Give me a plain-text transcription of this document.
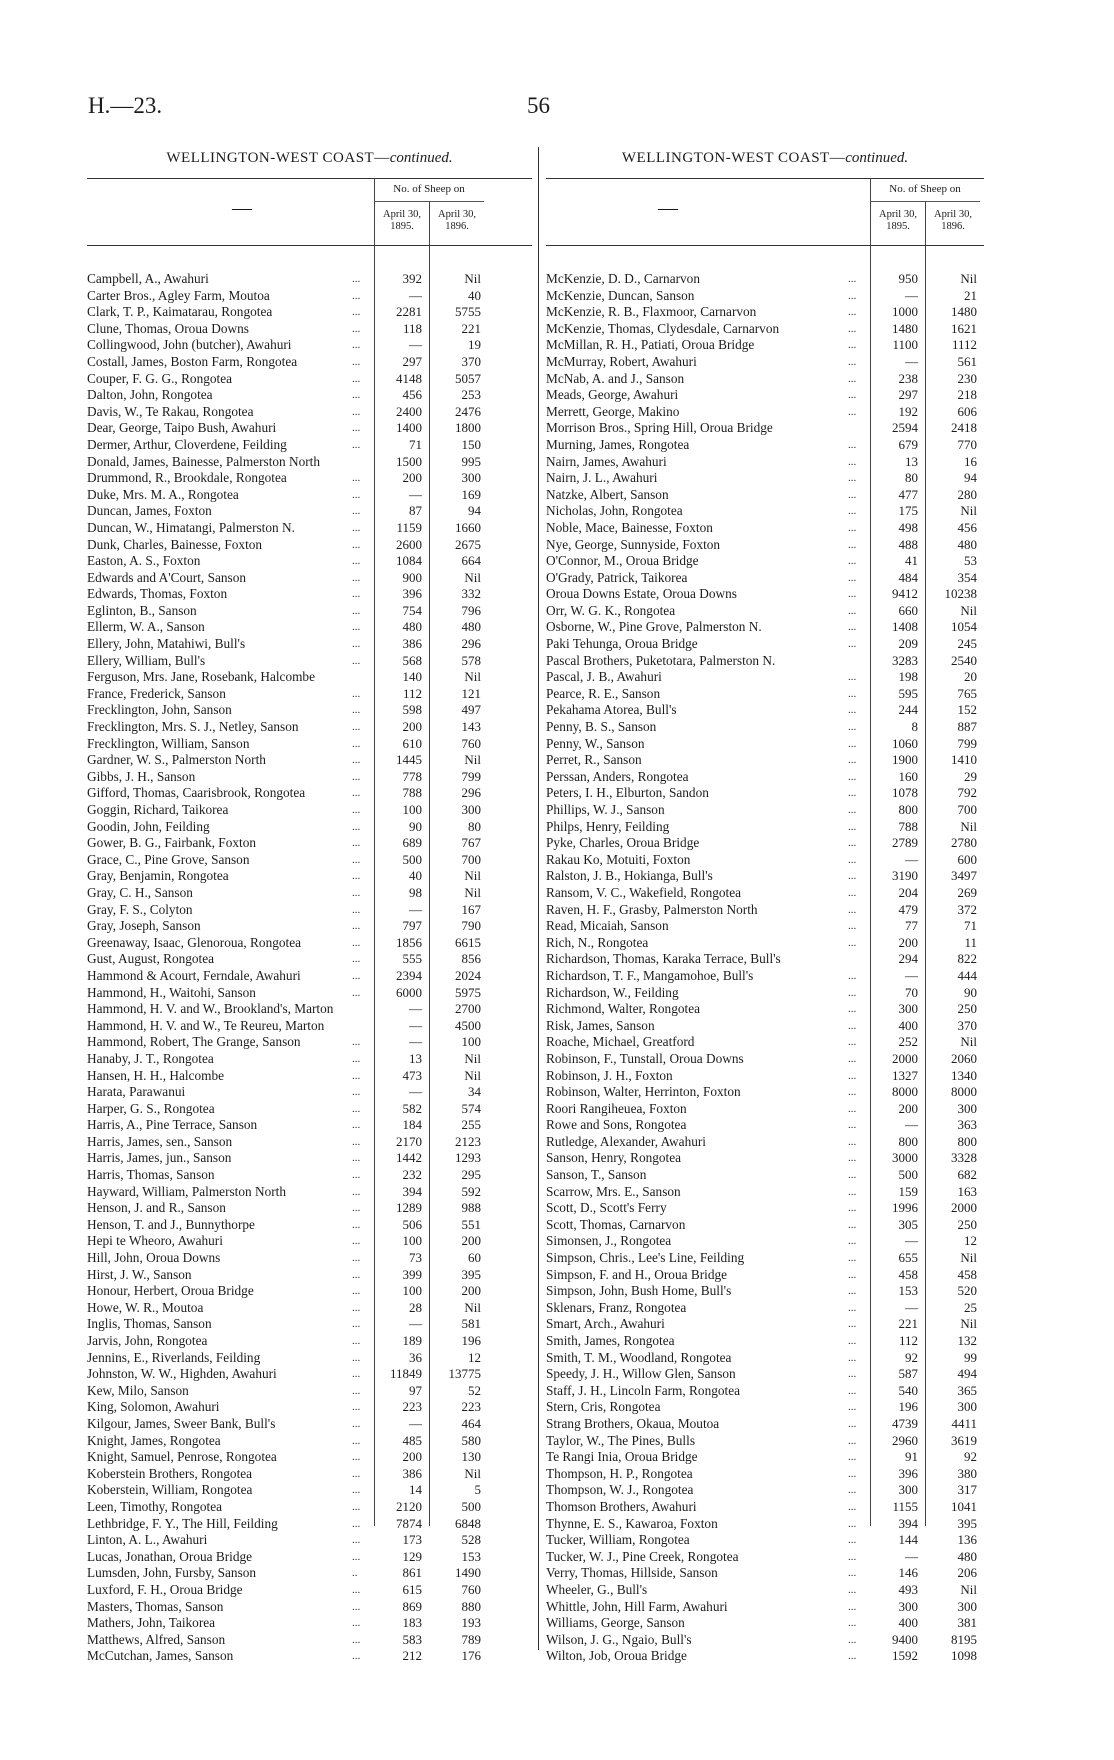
H.—23.	56
WELLINGTON-WEST COAST—continued.
—
No. of Sheep on
April 30, 1895.
April 30, 1896.
Campbell, A., Awahuri	...	392	Nil
Carter Bros., Agley Farm, Moutoa	...	—	40
Clark, T. P., Kaimatarau, Rongotea	...	2281	5755
Clune, Thomas, Oroua Downs	...	118	221
Collingwood, John (butcher), Awahuri	...	—	19
Costall, James, Boston Farm, Rongotea	...	297	370
Couper, F. G. G., Rongotea	...	4148	5057
Dalton, John, Rongotea	...	456	253
Davis, W., Te Rakau, Rongotea	...	2400	2476
Dear, George, Taipo Bush, Awahuri	...	1400	1800
Dermer, Arthur, Cloverdene, Feilding	...	71	150
Donald, James, Bainesse, Palmerston North	1500	995
Drummond, R., Brookdale, Rongotea	...	200	300
Duke, Mrs. M. A., Rongotea	...	—	169
Duncan, James, Foxton	...	87	94
Duncan, W., Himatangi, Palmerston N.	...	1159	1660
Dunk, Charles, Bainesse, Foxton	...	2600	2675
Easton, A. S., Foxton	...	1084	664
Edwards and A'Court, Sanson	...	900	Nil
Edwards, Thomas, Foxton	...	396	332
Eglinton, B., Sanson	...	754	796
Ellerm, W. A., Sanson	...	480	480
Ellery, John, Matahiwi, Bull's	...	386	296
Ellery, William, Bull's	...	568	578
Ferguson, Mrs. Jane, Rosebank, Halcombe	140	Nil
France, Frederick, Sanson	...	112	121
Frecklington, John, Sanson	...	598	497
Frecklington, Mrs. S. J., Netley, Sanson	...	200	143
Frecklington, William, Sanson	...	610	760
Gardner, W. S., Palmerston North	...	1445	Nil
Gibbs, J. H., Sanson	...	778	799
Gifford, Thomas, Caarisbrook, Rongotea	...	788	296
Goggin, Richard, Taikorea	...	100	300
Goodin, John, Feilding	...	90	80
Gower, B. G., Fairbank, Foxton	...	689	767
Grace, C., Pine Grove, Sanson	...	500	700
Gray, Benjamin, Rongotea	...	40	Nil
Gray, C. H., Sanson	...	98	Nil
Gray, F. S., Colyton	...	—	167
Gray, Joseph, Sanson	...	797	790
Greenaway, Isaac, Glenoroua, Rongotea	...	1856	6615
Gust, August, Rongotea	...	555	856
Hammond & Acourt, Ferndale, Awahuri	...	2394	2024
Hammond, H., Waitohi, Sanson	...	6000	5975
Hammond, H. V. and W., Brookland's, Marton	—	2700
Hammond, H. V. and W., Te Reureu, Marton	—	4500
Hammond, Robert, The Grange, Sanson	...	—	100
Hanaby, J. T., Rongotea	...	13	Nil
Hansen, H. H., Halcombe	...	473	Nil
Harata, Parawanui	...	—	34
Harper, G. S., Rongotea	...	582	574
Harris, A., Pine Terrace, Sanson	...	184	255
Harris, James, sen., Sanson	...	2170	2123
Harris, James, jun., Sanson	...	1442	1293
Harris, Thomas, Sanson	...	232	295
Hayward, William, Palmerston North	...	394	592
Henson, J. and R., Sanson	...	1289	988
Henson, T. and J., Bunnythorpe	...	506	551
Hepi te Wheoro, Awahuri	...	100	200
Hill, John, Oroua Downs	...	73	60
Hirst, J. W., Sanson	...	399	395
Honour, Herbert, Oroua Bridge	...	100	200
Howe, W. R., Moutoa	...	28	Nil
Inglis, Thomas, Sanson	...	—	581
Jarvis, John, Rongotea	...	189	196
Jennins, E., Riverlands, Feilding	...	36	12
Johnston, W. W., Highden, Awahuri	...	11849	13775
Kew, Milo, Sanson	...	97	52
King, Solomon, Awahuri	...	223	223
Kilgour, James, Sweer Bank, Bull's	...	—	464
Knight, James, Rongotea	...	485	580
Knight, Samuel, Penrose, Rongotea	...	200	130
Koberstein Brothers, Rongotea	...	386	Nil
Koberstein, William, Rongotea	...	14	5
Leen, Timothy, Rongotea	...	2120	500
Lethbridge, F. Y., The Hill, Feilding	...	7874	6848
Linton, A. L., Awahuri	...	173	528
Lucas, Jonathan, Oroua Bridge	...	129	153
Lumsden, John, Fursby, Sanson	..	861	1490
Luxford, F. H., Oroua Bridge	...	615	760
Masters, Thomas, Sanson	...	869	880
Mathers, John, Taikorea	...	183	193
Matthews, Alfred, Sanson	...	583	789
McCutchan, James, Sanson	...	212	176
WELLINGTON-WEST COAST—continued.
—
No. of Sheep on
April 30, 1895.
April 30, 1896.
McKenzie, D. D., Carnarvon	...	950	Nil
McKenzie, Duncan, Sanson	...	—	21
McKenzie, R. B., Flaxmoor, Carnarvon	...	1000	1480
McKenzie, Thomas, Clydesdale, Carnarvon	...	1480	1621
McMillan, R. H., Patiati, Oroua Bridge	...	1100	1112
McMurray, Robert, Awahuri	...	—	561
McNab, A. and J., Sanson	...	238	230
Meads, George, Awahuri	...	297	218
Merrett, George, Makino	...	192	606
Morrison Bros., Spring Hill, Oroua Bridge	2594	2418
Murning, James, Rongotea	...	679	770
Nairn, James, Awahuri	...	13	16
Nairn, J. L., Awahuri	...	80	94
Natzke, Albert, Sanson	...	477	280
Nicholas, John, Rongotea	...	175	Nil
Noble, Mace, Bainesse, Foxton	...	498	456
Nye, George, Sunnyside, Foxton	...	488	480
O'Connor, M., Oroua Bridge	...	41	53
O'Grady, Patrick, Taikorea	...	484	354
Oroua Downs Estate, Oroua Downs	...	9412	10238
Orr, W. G. K., Rongotea	...	660	Nil
Osborne, W., Pine Grove, Palmerston N.	...	1408	1054
Paki Tehunga, Oroua Bridge	...	209	245
Pascal Brothers, Puketotara, Palmerston N.	3283	2540
Pascal, J. B., Awahuri	...	198	20
Pearce, R. E., Sanson	...	595	765
Pekahama Atorea, Bull's	...	244	152
Penny, B. S., Sanson	...	8	887
Penny, W., Sanson	...	1060	799
Perret, R., Sanson	...	1900	1410
Perssan, Anders, Rongotea	...	160	29
Peters, I. H., Elburton, Sandon	...	1078	792
Phillips, W. J., Sanson	...	800	700
Philps, Henry, Feilding	...	788	Nil
Pyke, Charles, Oroua Bridge	...	2789	2780
Rakau Ko, Motuiti, Foxton	...	—	600
Ralston, J. B., Hokianga, Bull's	...	3190	3497
Ransom, V. C., Wakefield, Rongotea	...	204	269
Raven, H. F., Grasby, Palmerston North	...	479	372
Read, Micaiah, Sanson	...	77	71
Rich, N., Rongotea	...	200	11
Richardson, Thomas, Karaka Terrace, Bull's	294	822
Richardson, T. F., Mangamohoe, Bull's	...	—	444
Richardson, W., Feilding	...	70	90
Richmond, Walter, Rongotea	...	300	250
Risk, James, Sanson	...	400	370
Roache, Michael, Greatford	...	252	Nil
Robinson, F., Tunstall, Oroua Downs	...	2000	2060
Robinson, J. H., Foxton	...	1327	1340
Robinson, Walter, Herrinton, Foxton	...	8000	8000
Roori Rangiheuea, Foxton	...	200	300
Rowe and Sons, Rongotea	...	—	363
Rutledge, Alexander, Awahuri	...	800	800
Sanson, Henry, Rongotea	...	3000	3328
Sanson, T., Sanson	...	500	682
Scarrow, Mrs. E., Sanson	...	159	163
Scott, D., Scott's Ferry	...	1996	2000
Scott, Thomas, Carnarvon	...	305	250
Simonsen, J., Rongotea	...	—	12
Simpson, Chris., Lee's Line, Feilding	...	655	Nil
Simpson, F. and H., Oroua Bridge	...	458	458
Simpson, John, Bush Home, Bull's	...	153	520
Sklenars, Franz, Rongotea	...	—	25
Smart, Arch., Awahuri	...	221	Nil
Smith, James, Rongotea	...	112	132
Smith, T. M., Woodland, Rongotea	...	92	99
Speedy, J. H., Willow Glen, Sanson	...	587	494
Staff, J. H., Lincoln Farm, Rongotea	...	540	365
Stern, Cris, Rongotea	...	196	300
Strang Brothers, Okaua, Moutoa	...	4739	4411
Taylor, W., The Pines, Bulls	...	2960	3619
Te Rangi Inia, Oroua Bridge	...	91	92
Thompson, H. P., Rongotea	...	396	380
Thompson, W. J., Rongotea	...	300	317
Thomson Brothers, Awahuri	...	1155	1041
Thynne, E. S., Kawaroa, Foxton	...	394	395
Tucker, William, Rongotea	...	144	136
Tucker, W. J., Pine Creek, Rongotea	...	—	480
Verry, Thomas, Hillside, Sanson	...	146	206
Wheeler, G., Bull's	...	493	Nil
Whittle, John, Hill Farm, Awahuri	...	300	300
Williams, George, Sanson	...	400	381
Wilson, J. G., Ngaio, Bull's	...	9400	8195
Wilton, Job, Oroua Bridge	...	1592	1098
